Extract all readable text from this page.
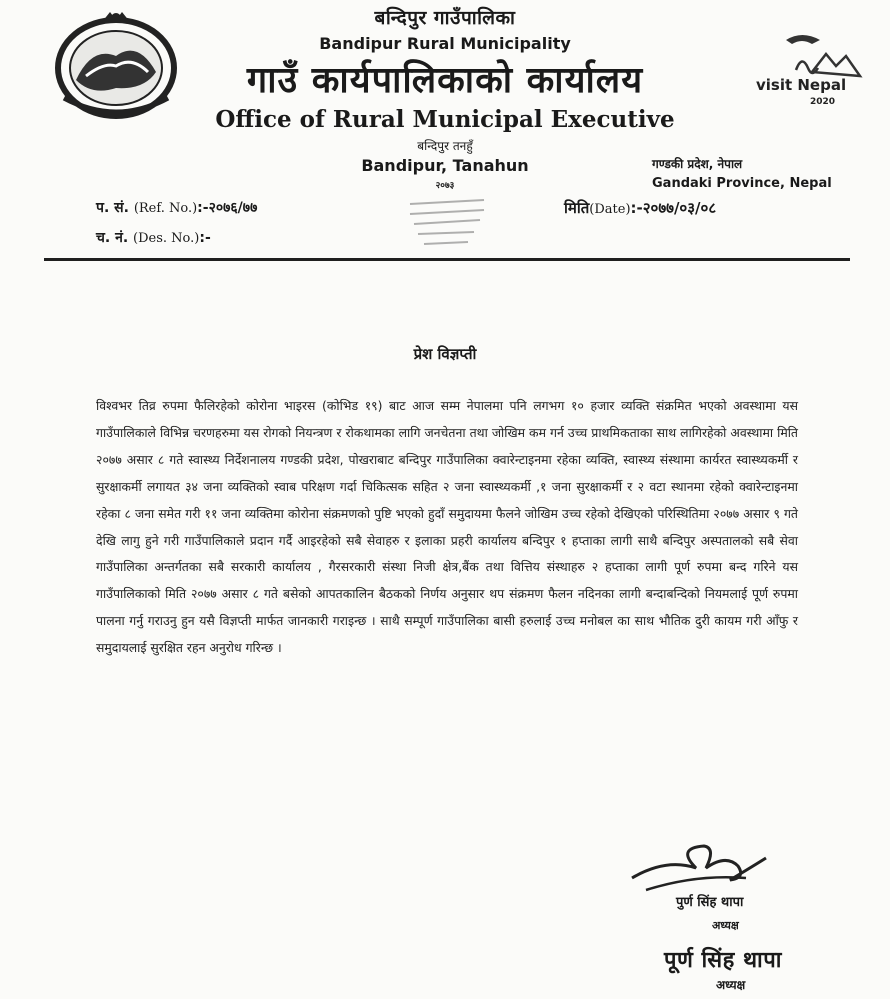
बन्दिपुर गाउँपालिका
Bandipur Rural Municipality
गाउँ कार्यपालिकाको कार्यालय
Office of Rural Municipal Executive
बन्दिपुर तनहुँ
Bandipur, Tanahun
२०७३
visit Nepal
2020
गण्डकी प्रदेश, नेपाल
Gandaki Province, Nepal
प. सं. (Ref. No.):-२०७६/७७
च. नं. (Des. No.):-
मिति(Date):-२०७७/०३/०८
प्रेश विज्ञप्ती
विश्वभर तिव्र रुपमा फैलिरहेको कोरोना भाइरस (कोभिड १९) बाट आज सम्म नेपालमा पनि लगभग १० हजार व्यक्ति संक्रमित भएको अवस्थामा यस गाउँपालिकाले विभिन्न चरणहरुमा यस रोगको नियन्त्रण र रोकथामका लागि जनचेतना तथा जोखिम कम गर्न उच्च प्राथमिकताका साथ लागिरहेको अवस्थामा मिति २०७७ असार ८ गते स्वास्थ्य निर्देशनालय गण्डकी प्रदेश, पोखराबाट बन्दिपुर गाउँपालिका क्वारेन्टाइनमा रहेका व्यक्ति, स्वास्थ्य संस्थामा कार्यरत स्वास्थ्यकर्मी र सुरक्षाकर्मी लगायत ३४ जना व्यक्तिको स्वाब परिक्षण गर्दा चिकित्सक सहित २ जना स्वास्थ्यकर्मी ,१ जना सुरक्षाकर्मी र २ वटा स्थानमा रहेको क्वारेन्टाइनमा रहेका ८ जना समेत गरी ११ जना व्यक्तिमा कोरोना संक्रमणको पुष्टि भएकाे हुदाँ समुदायमा फैलने जोखिम उच्च रहेको देखिएको परिस्थितिमा २०७७ असार ९ गते देखि लागु हुने गरी गाउँपालिकाले प्रदान गर्दै आइरहेको सबै सेवाहरु र इलाका प्रहरी कार्यालय बन्दिपुर १ हप्ताका लागी साथै बन्दिपुर अस्पतालको सबै सेवा गाउँपालिका अन्तर्गतका सबै सरकारी कार्यालय , गैरसरकारी संस्था निजी क्षेत्र,बैंक तथा वित्तिय संस्थाहरु २ हप्ताका लागी पूर्ण रुपमा बन्द गरिने यस गाउँपालिकाको मिति २०७७ असार ८ गते बसेको आपतकालिन बैठकको निर्णय अनुसार थप संक्रमण फैलन नदिनका लागी बन्दाबन्दिको नियमलाई पूर्ण रुपमा पालना गर्नु गराउनु हुन यसै विज्ञप्ती मार्फत जानकारी गराइन्छ । साथै सम्पूर्ण गाउँपालिका बासी हरुलाई उच्च मनोबल का साथ भौतिक दुरी कायम गरी आँफु र समुदायलाई सुरक्षित रहन अनुरोध गरिन्छ ।
पुर्ण सिंह थापा
अध्यक्ष
पूर्ण सिंह थापा
अध्यक्ष
